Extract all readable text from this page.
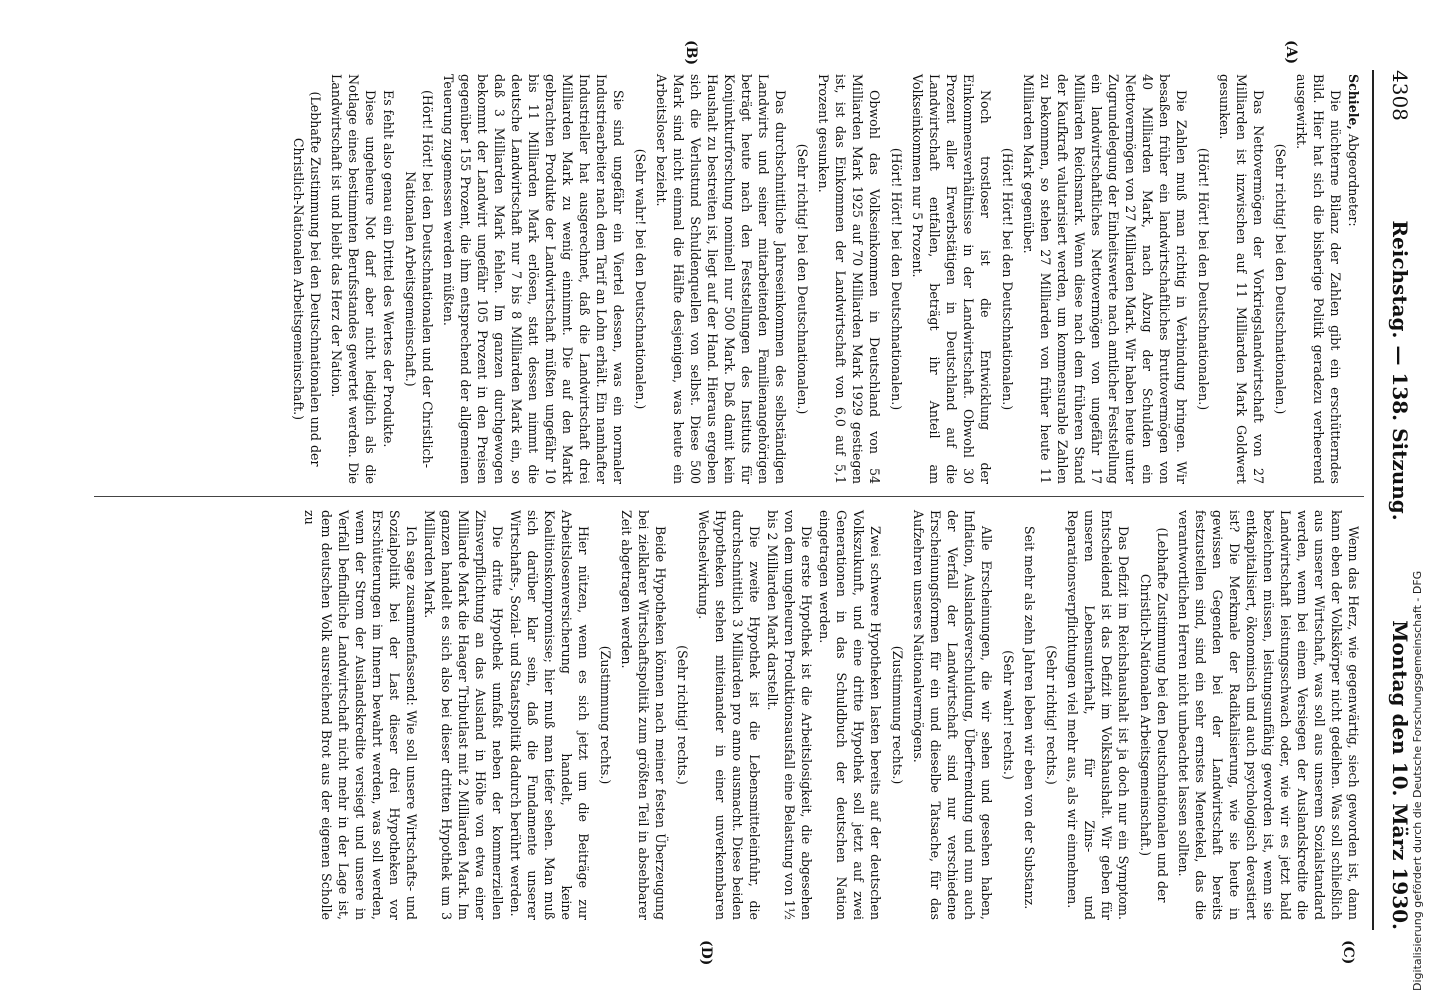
4308
Reichstag. — 138. Sitzung.
Montag den 10. März 1930.
(A)
(B)
(C)
(D)

Schiele, Abgeordneter:

Die nüchterne Bilanz der Zahlen gibt ein erschütterndes Bild. Hier hat sich die bisherige Politik geradezu verheerend ausgewirkt.

(Sehr richtig! bei den Deutschnationalen.)

Das Nettovermögen der Vorkriegslandwirtschaft von 27 Milliarden ist inzwischen auf 11 Milliarden Mark Goldwert gesunken.

(Hört! Hört! bei den Deutschnationalen.)

Die Zahlen muß man richtig in Verbindung bringen. Wir besaßen früher ein landwirtschaftliches Bruttovermögen von 40 Milliarden Mark, nach Abzug der Schulden ein Nettovermögen von 27 Milliarden Mark. Wir haben heute unter Zugrundelegung der Einheitswerte nach amtlicher Feststellung ein landwirtschaftliches Nettovermögen von ungefähr 17 Milliarden Reichsmark. Wenn diese nach dem früheren Stand der Kaufkraft valutarisiert werden, um kommensurable Zahlen zu bekommen, so stehen 27 Milliarden von früher heute 11 Milliarden Mark gegenüber.

(Hört! Hört! bei den Deutschnationalen.)

Noch trostloser ist die Entwicklung der Einkommensverhältnisse in der Landwirtschaft. Obwohl 30 Prozent aller Erwerbstätigen in Deutschland auf die Landwirtschaft entfallen, beträgt ihr Anteil am Volkseinkommen nur 5 Prozent.

(Hört! Hört! bei den Deutschnationalen.)

Obwohl das Volkseinkommen in Deutschland von 54 Milliarden Mark 1925 auf 70 Milliarden Mark 1929 gestiegen ist, ist das Einkommen der Landwirtschaft von 6,0 auf 5,1 Prozent gesunken.

(Sehr richtig! bei den Deutschnationalen.)

Das durchschnittliche Jahreseinkommen des selbständigen Landwirts und seiner mitarbeitenden Familienangehörigen beträgt heute nach den Feststellungen des Instituts für Konjunkturforschung nominell nur 500 Mark. Daß damit kein Haushalt zu bestreiten ist, liegt auf der Hand. Hieraus ergeben sich die Verlustund Schuldenquellen von selbst. Diese 500 Mark sind nicht einmal die Hälfte desjenigen, was heute ein Arbeitsloser bezieht.

(Sehr wahr! bei den Deutschnationalen.)

Sie sind ungefähr ein Viertel dessen, was ein normaler Industriearbeiter nach dem Tarif an Lohn erhält. Ein namhafter Industrieller hat ausgerechnet, daß die Landwirtschaft drei Milliarden Mark zu wenig einnimmt. Die auf den Markt gebrachten Produkte der Landwirtschaft müßten ungefähr 10 bis 11 Milliarden Mark erlösen, statt dessen nimmt die deutsche Landwirtschaft nur 7 bis 8 Milliarden Mark ein, so daß 3 Milliarden Mark fehlen. Im ganzen durchgewogen bekommt der Landwirt ungefähr 105 Prozent in den Preisen gegenüber 155 Prozent, die ihm entsprechend der allgemeinen Teuerung zugemessen werden müßten.

(Hört! Hört! bei den Deutschnationalen und der Christlich-Nationalen Arbeitsgemeinschaft.)

Es fehlt also genau ein Drittel des Wertes der Produkte.

Diese ungeheure Not darf aber nicht lediglich als die Notlage eines bestimmten Berufsstandes gewertet werden. Die Landwirtschaft ist und bleibt das Herz der Nation.

(Lebhafte Zustimmung bei den Deutschnationalen und der Christlich-Nationalen Arbeitsgemeinschaft.)

Wenn das Herz, wie gegenwärtig, siech geworden ist, dann kann eben der Volkskörper nicht gedeihen. Was soll schließlich aus unserer Wirtschaft, was soll aus unserem Sozialstandard werden, wenn bei einem Versiegen der Auslandskredite die Landwirtschaft leistungsschwach oder, wie wir es jetzt bald bezeichnen müssen, leistungsunfähig geworden ist, wenn sie entkapitalisiert, ökonomisch und auch psychologisch devastiert ist? Die Merkmale der Radikalisierung, wie sie heute in gewissen Gegenden bei der Landwirtschaft bereits festzustellen sind, sind ein sehr ernstes Menetekel, das die verantwortlichen Herren nicht unbeachtet lassen sollten.

(Lebhafte Zustimmung bei den Deutschnationalen und der Christlich-Nationalen Arbeitsgemeinschaft.)

Das Defizit im Reichshaushalt ist ja doch nur ein Symptom. Entscheidend ist das Defizit im Volkshaushalt. Wir geben für unseren Lebensunterhalt, für Zins- und Reparationsverpflichtungen viel mehr aus, als wir einnehmen.

(Sehr richtig! rechts.)

Seit mehr als zehn Jahren leben wir eben von der Substanz.

(Sehr wahr! rechts.)

Alle Erscheinungen, die wir sehen und gesehen haben, Inflation, Auslandsverschuldung, Überfremdung und nun auch der Verfall der Landwirtschaft sind nur verschiedene Erscheinungsformen für ein und dieselbe Tatsache, für das Aufzehren unseres Nationalvermögens.

(Zustimmung rechts.)

Zwei schwere Hypotheken lasten bereits auf der deutschen Volkszukunft, und eine dritte Hypothek soll jetzt auf zwei Generationen in das Schuldbuch der deutschen Nation eingetragen werden.

Die erste Hypothek ist die Arbeitslosigkeit, die abgesehen von dem ungeheuren Produktionsausfall eine Belastung von 1½ bis 2 Milliarden Mark darstellt.

Die zweite Hypothek ist die Lebensmitteleinfuhr, die durchschnittlich 3 Milliarden pro anno ausmacht. Diese beiden Hypotheken stehen miteinander in einer unverkennbaren Wechselwirkung.

(Sehr richtig! rechts.)

Beide Hypotheken können nach meiner festen Überzeugung bei zielklarer Wirtschaftspolitik zum größten Teil in absehbarer Zeit abgetragen werden.

(Zustimmung rechts.)

Hier nützen, wenn es sich jetzt um die Beiträge zur Arbeitslosenversicherung handelt, keine Koalitionskompromisse; hier muß man tiefer sehen. Man muß sich darüber klar sein, daß die Fundamente unserer Wirtschafts-, Sozial- und Staatspolitik dadurch berührt werden.

Die dritte Hypothek umfaßt neben der kommerziellen Zinsverpflichtung an das Ausland in Höhe von etwa einer Milliarde Mark die Haager Tributlast mit 2 Milliarden Mark. Im ganzen handelt es sich also bei dieser dritten Hypothek um 3 Milliarden Mark.

Ich sage zusammenfassend: Wie soll unsere Wirtschafts- und Sozialpolitik bei der Last dieser drei Hypotheken vor Erschütterungen im Innern bewahrt werden, was soll werden, wenn der Strom der Auslandskredite versiegt und unsere in Verfall befindliche Landwirtschaft nicht mehr in der Lage ist, dem deutschen Volk ausreichend Brot aus der eigenen Scholle zu

Digitalisierung gefördert durch die Deutsche Forschungsgemeinschaft - DFG
